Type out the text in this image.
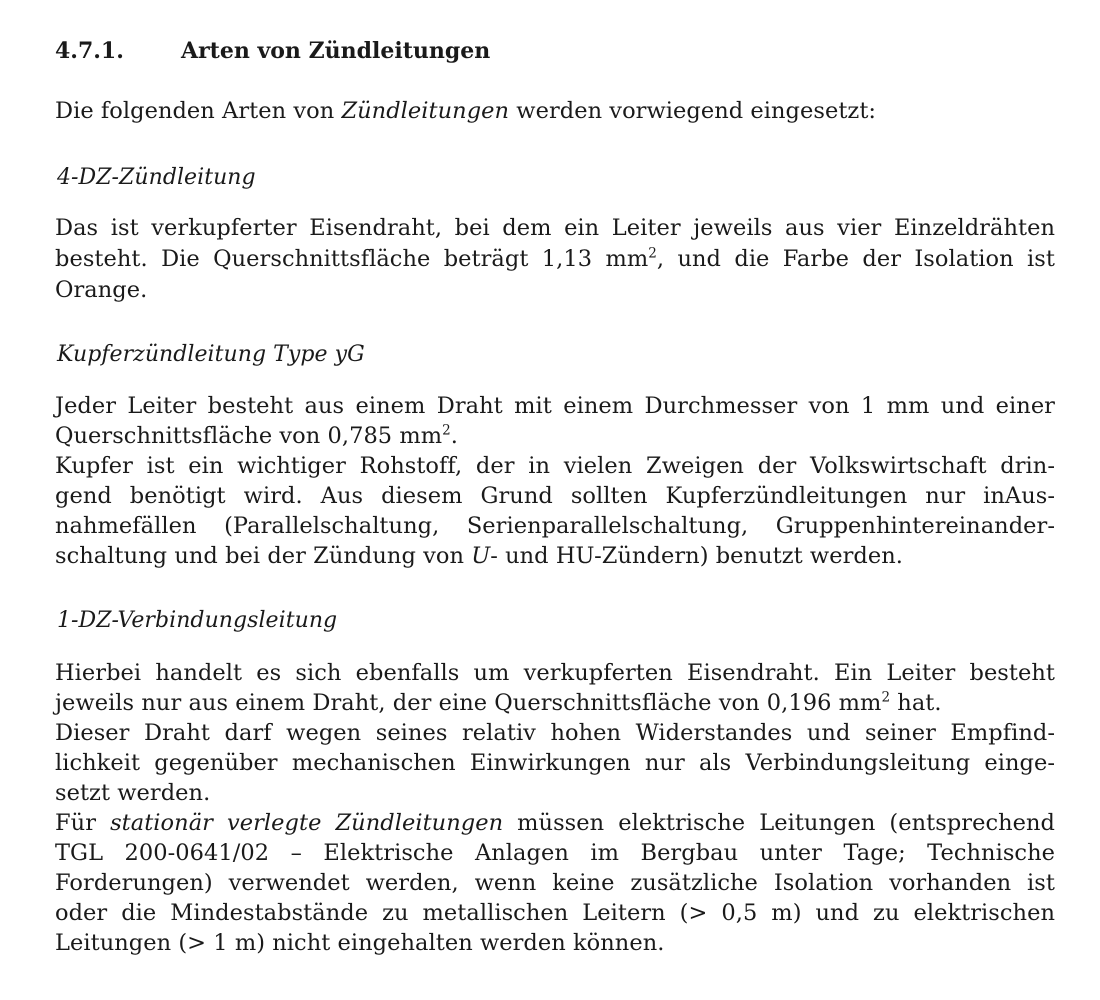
4.7.1.	Arten von Zündleitungen
Die folgenden Arten von Zündleitungen werden vorwiegend eingesetzt:
4-DZ-Zündleitung
Das ist verkupferter Eisendraht, bei dem ein Leiter jeweils aus vier Einzeldrähten
besteht. Die Querschnittsfläche beträgt 1,13 $mm^2$, und die Farbe der Isolation ist
Orange.
Kupferzündleitung Type yG
Jeder Leiter besteht aus einem Draht mit einem Durchmesser von 1 mm und einer
Querschnittsfläche von 0,785 $mm^2$.
Kupfer ist ein wichtiger Rohstoff, der in vielen Zweigen der Volkswirtschaft drin-
gend benötigt wird. Aus diesem Grund sollten Kupferzündleitungen nur inAus-
nahmefällen (Parallelschaltung, Serienparallelschaltung, Gruppenhintereinander-
schaltung und bei der Zündung von U- und HU-Zündern) benutzt werden.
1-DZ-Verbindungsleitung
Hierbei handelt es sich ebenfalls um verkupferten Eisendraht. Ein Leiter besteht
jeweils nur aus einem Draht, der eine Querschnittsfläche von 0,196 $mm^2$ hat.
Dieser Draht darf wegen seines relativ hohen Widerstandes und seiner Empfind-
lichkeit gegenüber mechanischen Einwirkungen nur als Verbindungsleitung einge-
setzt werden.
Für stationär verlegte Zündleitungen müssen elektrische Leitungen (entsprechend
TGL 200-0641/02 – Elektrische Anlagen im Bergbau unter Tage; Technische
Forderungen) verwendet werden, wenn keine zusätzliche Isolation vorhanden ist
oder die Mindestabstände zu metallischen Leitern (> 0,5 m) und zu elektrischen
Leitungen (> 1 m) nicht eingehalten werden können.
